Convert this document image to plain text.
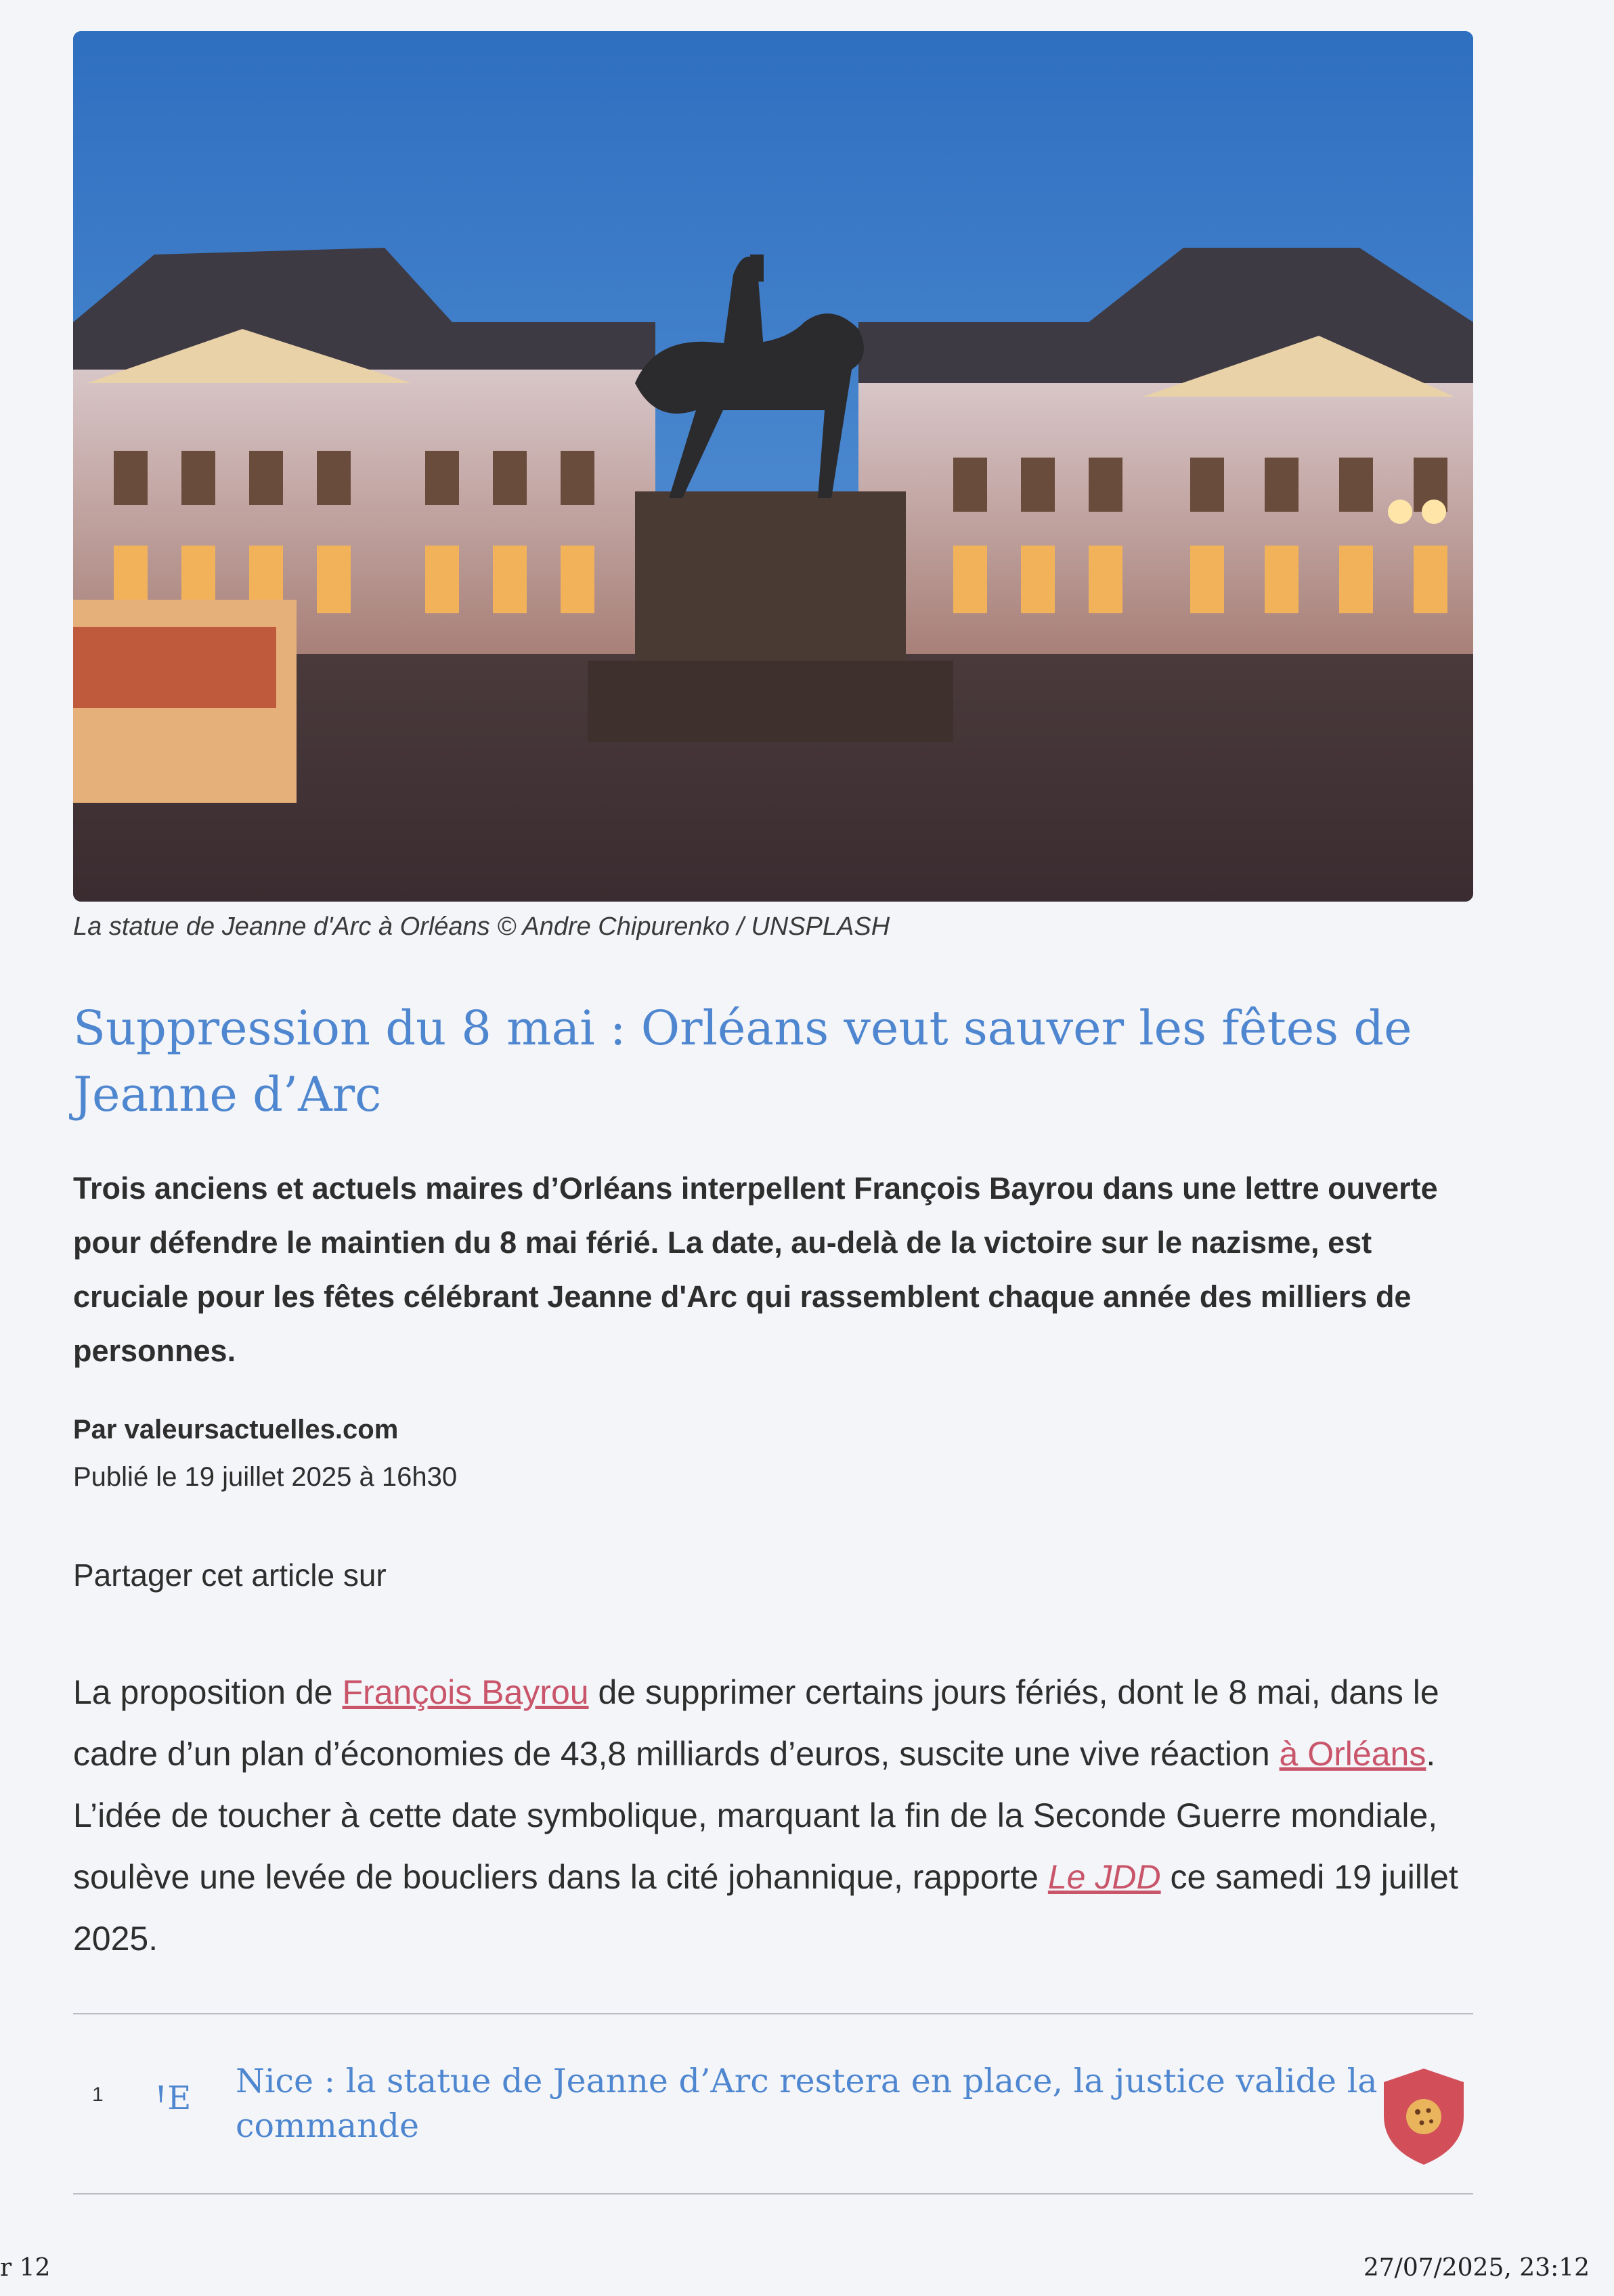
La statue de Jeanne d'Arc à Orléans © Andre Chipurenko / UNSPLASH
Suppression du 8 mai : Orléans veut sauver les fêtes de Jeanne d’Arc
Trois anciens et actuels maires d’Orléans interpellent François Bayrou dans une lettre ouverte pour défendre le maintien du 8 mai férié. La date, au-delà de la victoire sur le nazisme, est cruciale pour les fêtes célébrant Jeanne d'Arc qui rassemblent chaque année des milliers de personnes.
Par valeursactuelles.com
Publié le 19 juillet 2025 à 16h30
Partager cet article sur
La proposition de François Bayrou de supprimer certains jours fériés, dont le 8 mai, dans le cadre d’un plan d’économies de 43,8 milliards d’euros, suscite une vive réaction à Orléans. L’idée de toucher à cette date symbolique, marquant la fin de la Seconde Guerre mondiale, soulève une levée de boucliers dans la cité johannique, rapporte Le JDD ce samedi 19 juillet 2025.
1 ꞋE Nice : la statue de Jeanne d’Arc restera en place, la justice valide la commande
r 12	27/07/2025, 23:12
